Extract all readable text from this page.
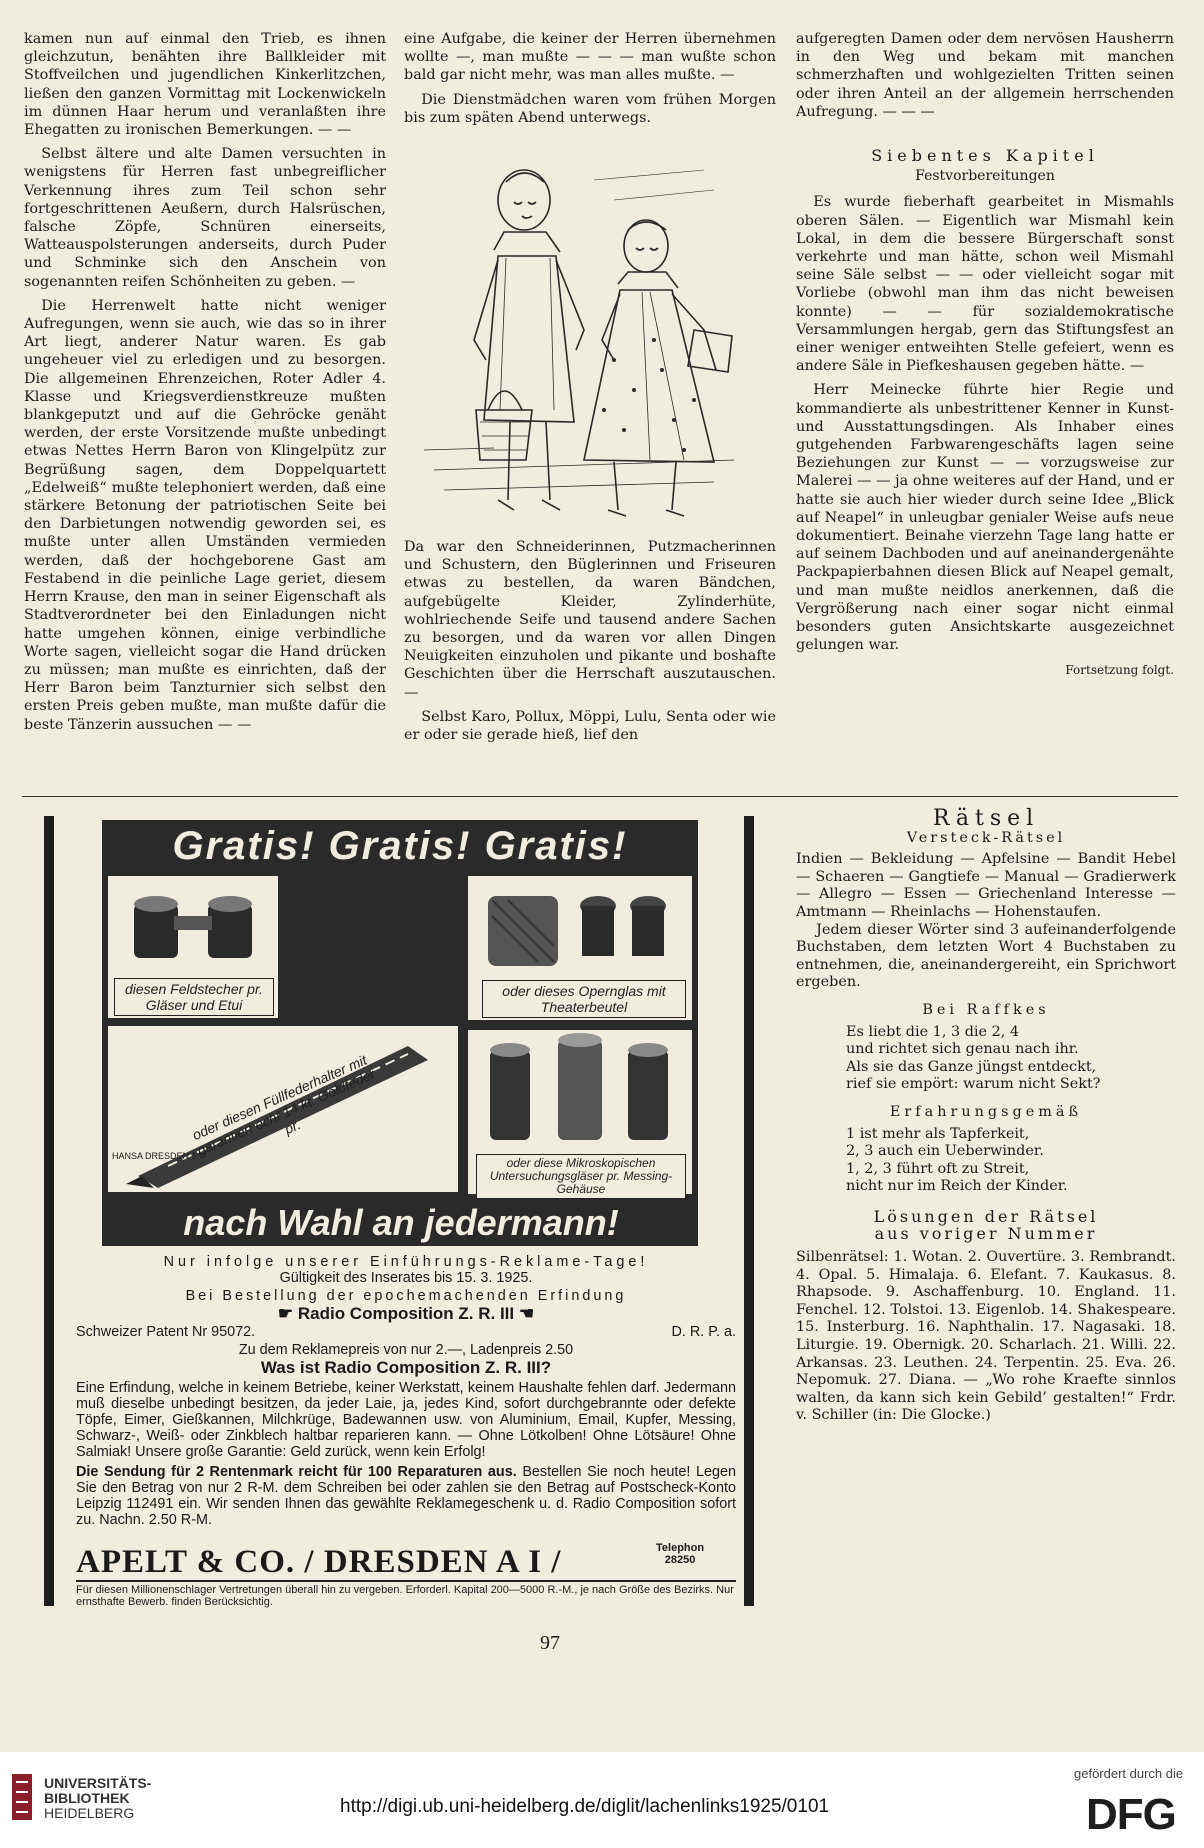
kamen nun auf einmal den Trieb, es ihnen gleichzutun, benähten ihre Ballkleider mit Stoffveilchen und jugendlichen Kinkerlitzchen, ließen den ganzen Vormittag mit Lockenwickeln im dünnen Haar herum und veranlaßten ihre Ehegatten zu ironischen Bemerkungen. — —

Selbst ältere und alte Damen versuchten in wenigstens für Herren fast unbegreiflicher Verkennung ihres zum Teil schon sehr fortgeschrittenen Aeußern, durch Halsrüschen, falsche Zöpfe, Schnüren einerseits, Watteauspolsterungen anderseits, durch Puder und Schminke sich den Anschein von sogenannten reifen Schönheiten zu geben. —

Die Herrenwelt hatte nicht weniger Aufregungen, wenn sie auch, wie das so in ihrer Art liegt, anderer Natur waren. Es gab ungeheuer viel zu erledigen und zu besorgen. Die allgemeinen Ehrenzeichen, Roter Adler 4. Klasse und Kriegsverdienstkreuze mußten blankgeputzt und auf die Gehröcke genäht werden, der erste Vorsitzende mußte unbedingt etwas Nettes Herrn Baron von Klingelpütz zur Begrüßung sagen, dem Doppelquartett „Edelweiß“ mußte telephoniert werden, daß eine stärkere Betonung der patriotischen Seite bei den Darbietungen notwendig geworden sei, es mußte unter allen Umständen vermieden werden, daß der hochgeborene Gast am Festabend in die peinliche Lage geriet, diesem Herrn Krause, den man in seiner Eigenschaft als Stadtverordneter bei den Einladungen nicht hatte umgehen können, einige verbindliche Worte sagen, vielleicht sogar die Hand drücken zu müssen; man mußte es einrichten, daß der Herr Baron beim Tanzturnier sich selbst den ersten Preis geben mußte, man mußte dafür die beste Tänzerin aussuchen — —

eine Aufgabe, die keiner der Herren übernehmen wollte —, man mußte — — — man wußte schon bald gar nicht mehr, was man alles mußte. —

Die Dienstmädchen waren vom frühen Morgen bis zum späten Abend unterwegs.

Da war den Schneiderinnen, Putzmacherinnen und Schustern, den Büglerinnen und Friseuren etwas zu bestellen, da waren Bändchen, aufgebügelte Kleider, Zylinderhüte, wohlriechende Seife und tausend andere Sachen zu besorgen, und da waren vor allen Dingen Neuigkeiten einzuholen und pikante und boshafte Geschichten über die Herrschaft auszutauschen. —

Selbst Karo, Pollux, Möppi, Lulu, Senta oder wie er oder sie gerade hieß, lief den

aufgeregten Damen oder dem nervösen Hausherrn in den Weg und bekam mit manchen schmerzhaften und wohlgezielten Tritten seinen oder ihren Anteil an der allgemein herrschenden Aufregung. — — —

Siebentes Kapitel
Festvorbereitungen

Es wurde fieberhaft gearbeitet in Mismahls oberen Sälen. — Eigentlich war Mismahl kein Lokal, in dem die bessere Bürgerschaft sonst verkehrte und man hätte, schon weil Mismahl seine Säle selbst — — oder vielleicht sogar mit Vorliebe (obwohl man ihm das nicht beweisen konnte) — — für sozialdemokratische Versammlungen hergab, gern das Stiftungsfest an einer weniger entweihten Stelle gefeiert, wenn es andere Säle in Piefkeshausen gegeben hätte. —

Herr Meinecke führte hier Regie und kommandierte als unbestrittener Kenner in Kunst- und Ausstattungsdingen. Als Inhaber eines gutgehenden Farbwarengeschäfts lagen seine Beziehungen zur Kunst — — vorzugsweise zur Malerei — — ja ohne weiteres auf der Hand, und er hatte sie auch hier wieder durch seine Idee „Blick auf Neapel“ in unleugbar genialer Weise aufs neue dokumentiert. Beinahe vierzehn Tage lang hatte er auf seinem Dachboden und auf aneinandergenähte Packpapierbahnen diesen Blick auf Neapel gemalt, und man mußte neidlos anerkennen, daß die Vergrößerung nach einer sogar nicht einmal besonders guten Ansichtskarte ausgezeichnet gelungen war.

Fortsetzung folgt.
Gratis! Gratis! Gratis!
diesen Feldstecher pr. Gläser und Etui
oder dieses Opernglas mit Theaterbeutel
oder diesen Füllfederhalter mit garantiert echt 14 kt. Goldfeder pr.
HANSA DRESDEN 1	oder diese Mikroskopischen Untersuchungsgläser pr. Messing-Gehäuse
nach Wahl an jedermann!
Nur infolge unserer Einführungs-Reklame-Tage!
Gültigkeit des Inserates bis 15. 3. 1925.
Bei Bestellung der epochemachenden Erfindung
☛ Radio Composition Z. R. III ☚
Schweizer Patent Nr 95072.	D. R. P. a.
Zu dem Reklamepreis von nur 2.—, Ladenpreis 2.50
Was ist Radio Composition Z. R. III?
Eine Erfindung, welche in keinem Betriebe, keiner Werkstatt, keinem Haushalte fehlen darf. Jedermann muß dieselbe unbedingt besitzen, da jeder Laie, ja, jedes Kind, sofort durchgebrannte oder defekte Töpfe, Eimer, Gießkannen, Milchkrüge, Badewannen usw. von Aluminium, Email, Kupfer, Messing, Schwarz-, Weiß- oder Zinkblech haltbar reparieren kann. — Ohne Lötkolben! Ohne Lötsäure! Ohne Salmiak! Unsere große Garantie: Geld zurück, wenn kein Erfolg!
Die Sendung für 2 Rentenmark reicht für 100 Reparaturen aus. Bestellen Sie noch heute! Legen Sie den Betrag von nur 2 R-M. dem Schreiben bei oder zahlen sie den Betrag auf Postscheck-Konto Leipzig 112491 ein. Wir senden Ihnen das gewählte Reklamegeschenk u. d. Radio Composition sofort zu. Nachn. 2.50 R-M.
APELT & CO. / DRESDEN A I /	Telephon
28250
Für diesen Millionenschlager Vertretungen überall hin zu vergeben. Erforderl. Kapital 200—5000 R.-M., je nach Größe des Bezirks. Nur ernsthafte Bewerb. finden Berücksichtig.
Rätsel
Versteck-Rätsel

Indien — Bekleidung — Apfelsine — Bandit Hebel — Schaeren — Gangtiefe — Manual — Gradierwerk — Allegro — Essen — Griechenland Interesse — Amtmann — Rheinlachs — Hohenstaufen.

Jedem dieser Wörter sind 3 aufeinanderfolgende Buchstaben, dem letzten Wort 4 Buchstaben zu entnehmen, die, aneinandergereiht, ein Sprichwort ergeben.

Bei Raffkes
Es liebt die 1, 3 die 2, 4
und richtet sich genau nach ihr.
Als sie das Ganze jüngst entdeckt,
rief sie empört: warum nicht Sekt?
Erfahrungsgemäß
1 ist mehr als Tapferkeit,
2, 3 auch ein Ueberwinder.
1, 2, 3 führt oft zu Streit,
nicht nur im Reich der Kinder.
Lösungen der Rätsel
aus voriger Nummer

Silbenrätsel: 1. Wotan. 2. Ouvertüre. 3. Rembrandt. 4. Opal. 5. Himalaja. 6. Elefant. 7. Kaukasus. 8. Rhapsode. 9. Aschaffenburg. 10. England. 11. Fenchel. 12. Tolstoi. 13. Eigenlob. 14. Shakespeare. 15. Insterburg. 16. Naphthalin. 17. Nagasaki. 18. Liturgie. 19. Obernigk. 20. Scharlach. 21. Willi. 22. Arkansas. 23. Leuthen. 24. Terpentin. 25. Eva. 26. Nepomuk. 27. Diana. — „Wo rohe Kraefte sinnlos walten, da kann sich kein Gebild’ gestalten!“ Frdr. v. Schiller (in: Die Glocke.)

97
UNIVERSITÄTS-
BIBLIOTHEK
HEIDELBERG	http://digi.ub.uni-heidelberg.de/diglit/lachenlinks1925/0101
gefördert durch die
DFG
